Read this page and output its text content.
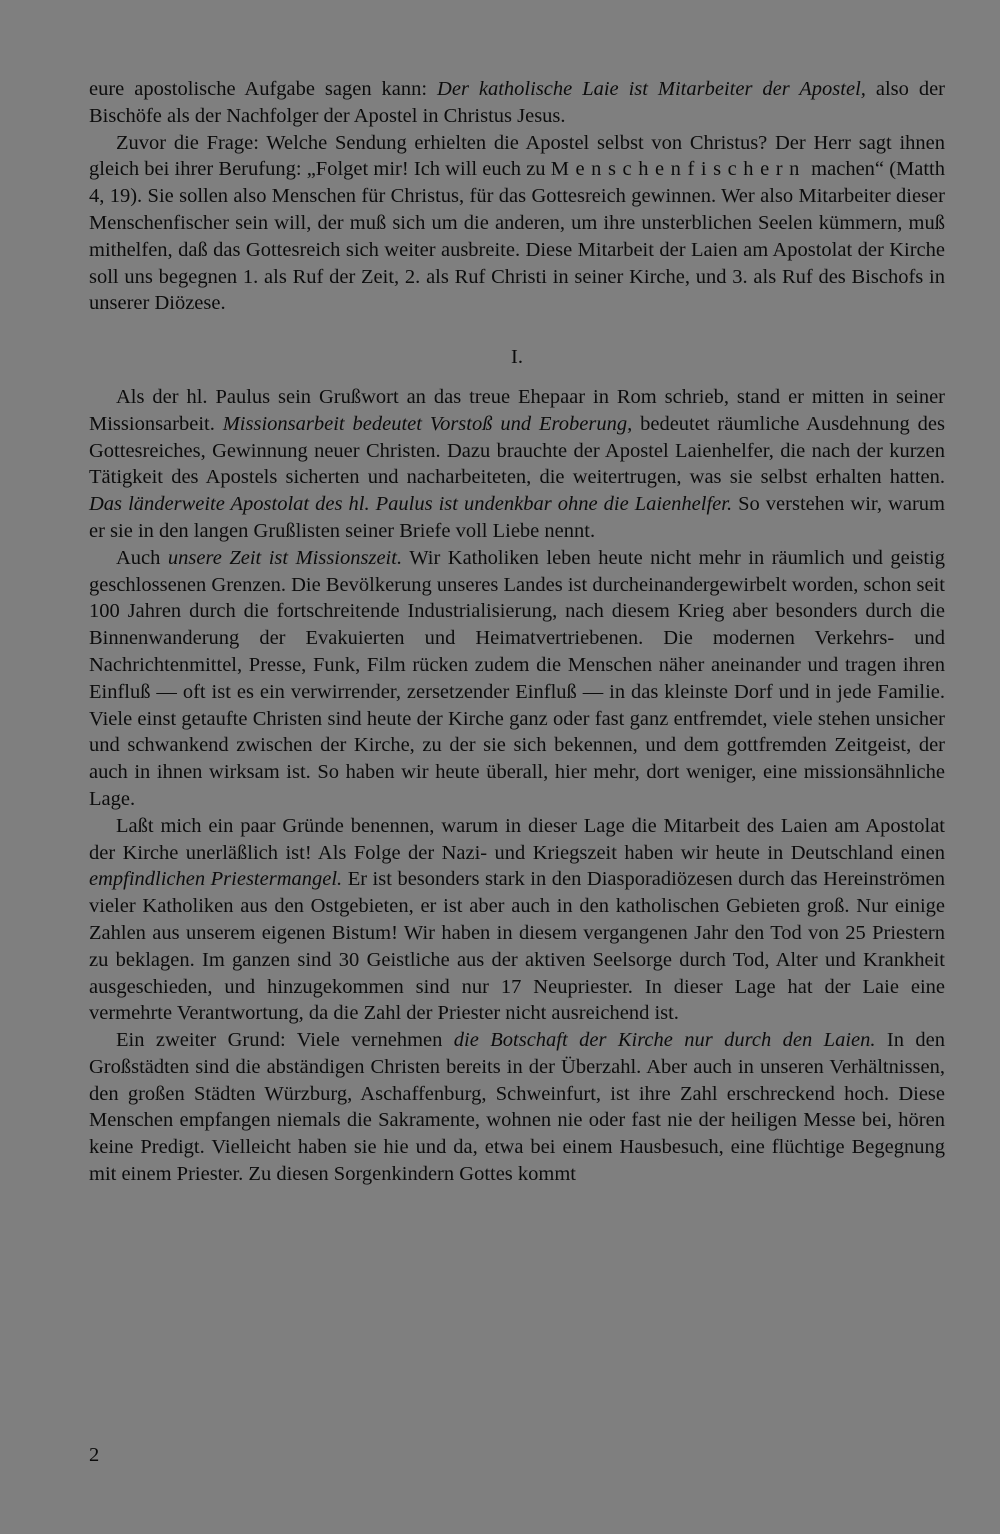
eure apostolische Aufgabe sagen kann: Der katholische Laie ist Mitarbeiter der Apostel, also der Bischöfe als der Nachfolger der Apostel in Christus Jesus.

Zuvor die Frage: Welche Sendung erhielten die Apostel selbst von Christus? Der Herr sagt ihnen gleich bei ihrer Berufung: „Folget mir! Ich will euch zu Menschenfischern machen“ (Matth 4, 19). Sie sollen also Menschen für Christus, für das Gottesreich gewinnen. Wer also Mitarbeiter dieser Menschenfischer sein will, der muß sich um die anderen, um ihre unsterblichen Seelen kümmern, muß mithelfen, daß das Gottesreich sich weiter ausbreite. Diese Mitarbeit der Laien am Apostolat der Kirche soll uns begegnen 1. als Ruf der Zeit, 2. als Ruf Christi in seiner Kirche, und 3. als Ruf des Bischofs in unserer Diözese.

I.

Als der hl. Paulus sein Grußwort an das treue Ehepaar in Rom schrieb, stand er mitten in seiner Missionsarbeit. Missionsarbeit bedeutet Vorstoß und Eroberung, bedeutet räumliche Ausdehnung des Gottesreiches, Gewinnung neuer Christen. Dazu brauchte der Apostel Laienhelfer, die nach der kurzen Tätigkeit des Apostels sicherten und nacharbeiteten, die weitertrugen, was sie selbst erhalten hatten. Das länderweite Apostolat des hl. Paulus ist undenkbar ohne die Laienhelfer. So verstehen wir, warum er sie in den langen Grußlisten seiner Briefe voll Liebe nennt.

Auch unsere Zeit ist Missionszeit. Wir Katholiken leben heute nicht mehr in räumlich und geistig geschlossenen Grenzen. Die Bevölkerung unseres Landes ist durcheinandergewirbelt worden, schon seit 100 Jahren durch die fortschreitende Industrialisierung, nach diesem Krieg aber besonders durch die Binnenwanderung der Evakuierten und Heimatvertriebenen. Die modernen Verkehrs- und Nachrichtenmittel, Presse, Funk, Film rücken zudem die Menschen näher aneinander und tragen ihren Einfluß — oft ist es ein verwirrender, zersetzender Einfluß — in das kleinste Dorf und in jede Familie. Viele einst getaufte Christen sind heute der Kirche ganz oder fast ganz entfremdet, viele stehen unsicher und schwankend zwischen der Kirche, zu der sie sich bekennen, und dem gottfremden Zeitgeist, der auch in ihnen wirksam ist. So haben wir heute überall, hier mehr, dort weniger, eine missionsähnliche Lage.

Laßt mich ein paar Gründe benennen, warum in dieser Lage die Mitarbeit des Laien am Apostolat der Kirche unerläßlich ist! Als Folge der Nazi- und Kriegszeit haben wir heute in Deutschland einen empfindlichen Priestermangel. Er ist besonders stark in den Diasporadiözesen durch das Hereinströmen vieler Katholiken aus den Ostgebieten, er ist aber auch in den katholischen Gebieten groß. Nur einige Zahlen aus unserem eigenen Bistum! Wir haben in diesem vergangenen Jahr den Tod von 25 Priestern zu beklagen. Im ganzen sind 30 Geistliche aus der aktiven Seelsorge durch Tod, Alter und Krankheit ausgeschieden, und hinzugekommen sind nur 17 Neupriester. In dieser Lage hat der Laie eine vermehrte Verantwortung, da die Zahl der Priester nicht ausreichend ist.

Ein zweiter Grund: Viele vernehmen die Botschaft der Kirche nur durch den Laien. In den Großstädten sind die abständigen Christen bereits in der Überzahl. Aber auch in unseren Verhältnissen, den großen Städten Würzburg, Aschaffenburg, Schweinfurt, ist ihre Zahl erschreckend hoch. Diese Menschen empfangen niemals die Sakramente, wohnen nie oder fast nie der heiligen Messe bei, hören keine Predigt. Vielleicht haben sie hie und da, etwa bei einem Hausbesuch, eine flüchtige Begegnung mit einem Priester. Zu diesen Sorgenkindern Gottes kommt

2
